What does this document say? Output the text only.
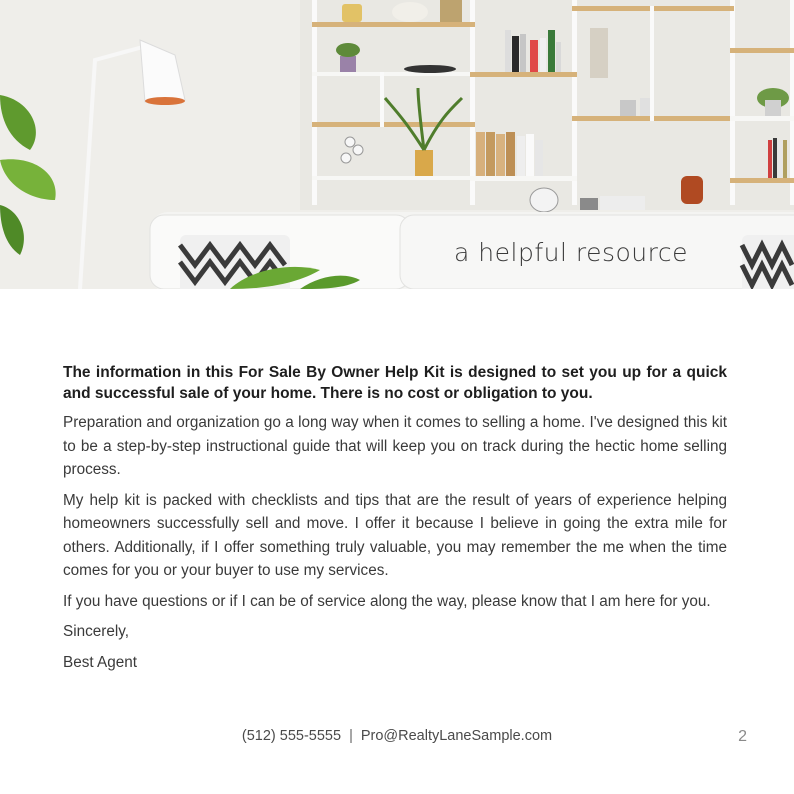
a helpful resource

The information in this For Sale By Owner Help Kit is designed to set you up for a quick and successful sale of your home. There is no cost or obligation to you.

Preparation and organization go a long way when it comes to selling a home. I've designed this kit to be a step-by-step instructional guide that will keep you on track during the hectic home selling process.

My help kit is packed with checklists and tips that are the result of years of experience helping homeowners successfully sell and move. I offer it because I believe in going the extra mile for others. Additionally, if I offer something truly valuable, you may remember the me when the time comes for you or your buyer to use my services.

If you have questions or if I can be of service along the way, please know that I am here for you.

Sincerely,

Best Agent

(512) 555-5555 | Pro@RealtyLaneSample.com	2
